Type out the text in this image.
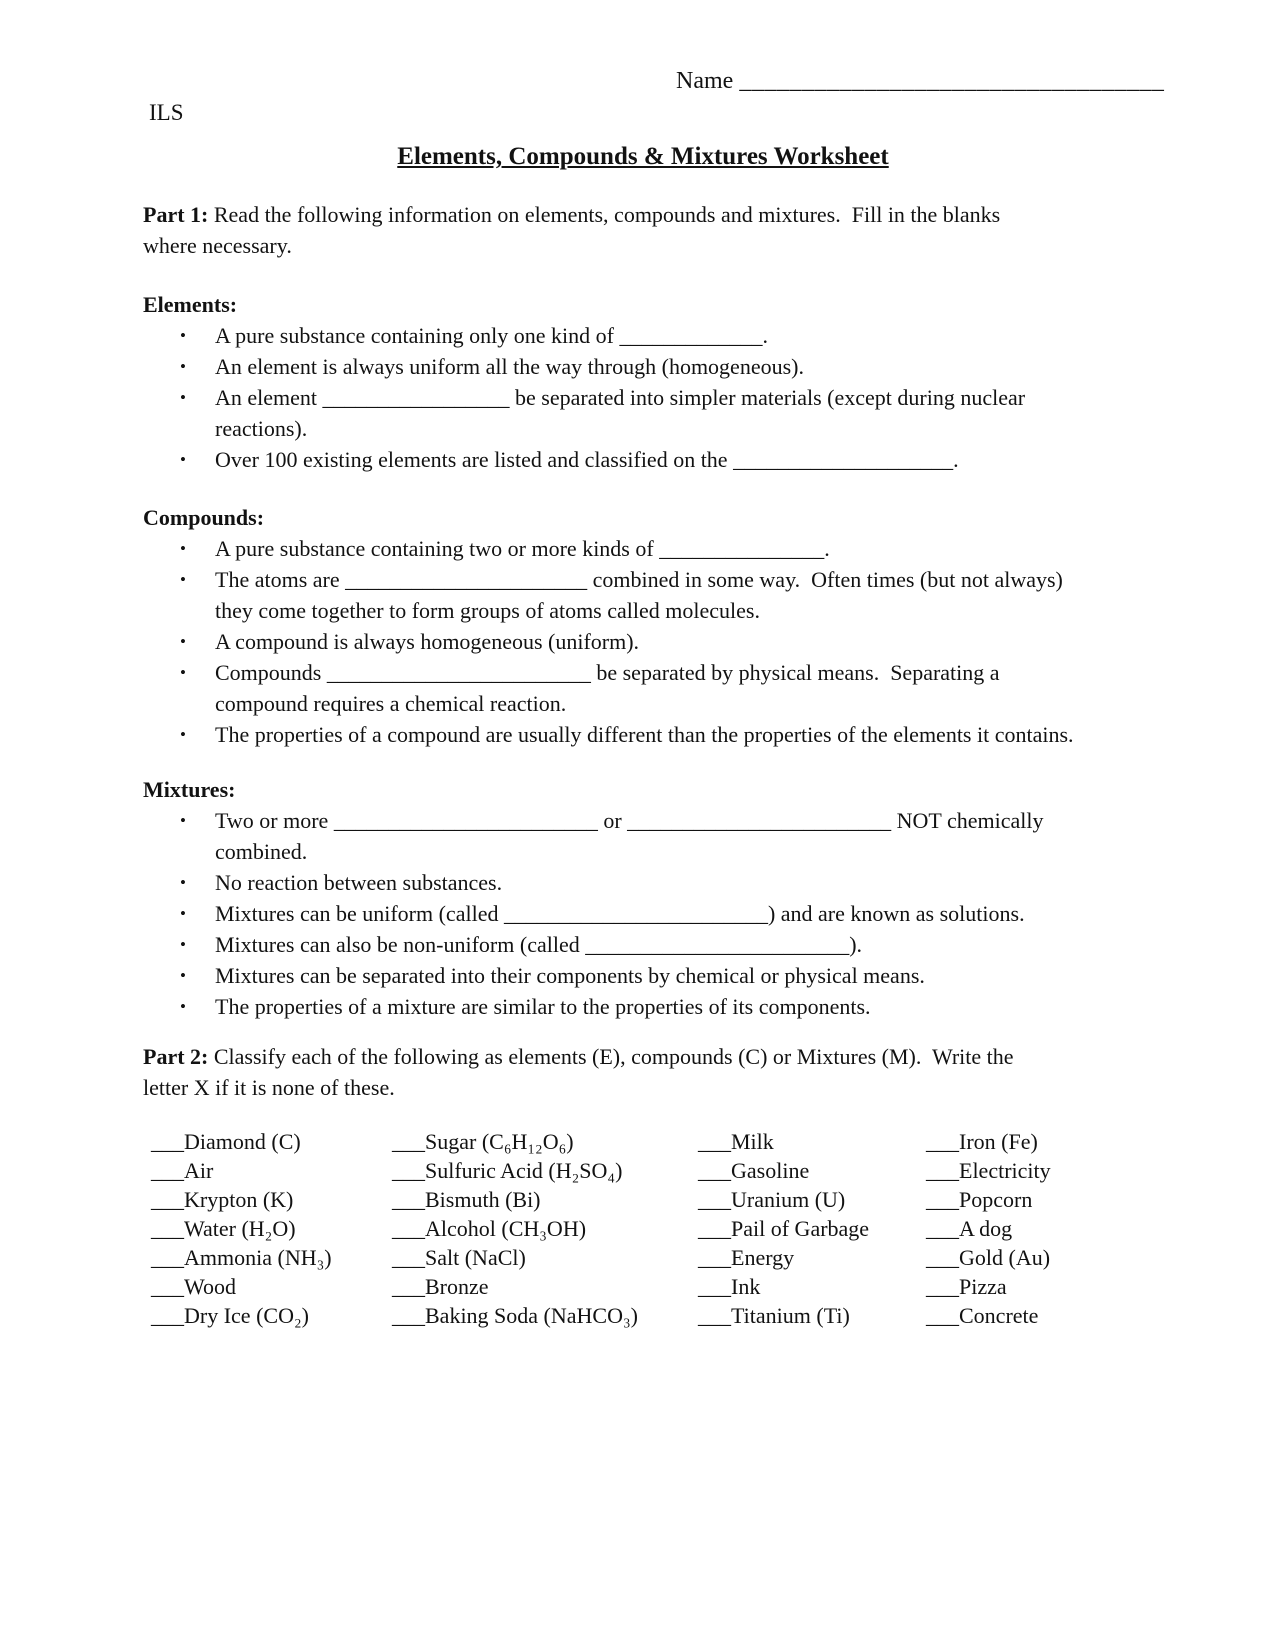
Name __________________________________
ILS
Elements, Compounds & Mixtures Worksheet

Part 1: Read the following information on elements, compounds and mixtures.  Fill in the blanks where necessary.

Elements:
•	A pure substance containing only one kind of _____________.
•	An element is always uniform all the way through (homogeneous).
•	An element _________________ be separated into simpler materials (except during nuclear reactions).
•	Over 100 existing elements are listed and classified on the ____________________.
Compounds:
•	A pure substance containing two or more kinds of _______________.
•	The atoms are ______________________ combined in some way.  Often times (but not always) they come together to form groups of atoms called molecules.
•	A compound is always homogeneous (uniform).
•	Compounds ________________________ be separated by physical means.  Separating a compound requires a chemical reaction.
•	The properties of a compound are usually different than the properties of the elements it contains.
Mixtures:
•	Two or more ________________________ or ________________________ NOT chemically combined.
•	No reaction between substances.
•	Mixtures can be uniform (called ________________________) and are known as solutions.
•	Mixtures can also be non-uniform (called ________________________).
•	Mixtures can be separated into their components by chemical or physical means.
•	The properties of a mixture are similar to the properties of its components.

Part 2: Classify each of the following as elements (E), compounds (C) or Mixtures (M).  Write the letter X if it is none of these.

___Diamond (C)	___Sugar (C₆H₁₂O₆)	___Milk	___Iron (Fe)
___Air	___Sulfuric Acid (H₂SO₄)	___Gasoline	___Electricity
___Krypton (K)	___Bismuth (Bi)	___Uranium (U)	___Popcorn
___Water (H₂O)	___Alcohol (CH₃OH)	___Pail of Garbage	___A dog
___Ammonia (NH₃)	___Salt (NaCl)	___Energy	___Gold (Au)
___Wood	___Bronze	___Ink	___Pizza
___Dry Ice (CO₂)	___Baking Soda (NaHCO₃)	___Titanium (Ti)	___Concrete
